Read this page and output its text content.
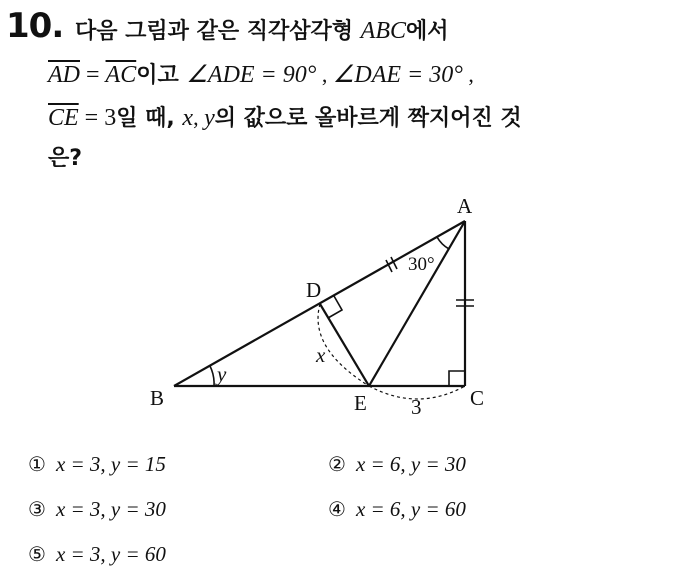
10. 다음 그림과 같은 직각삼각형 ABC에서
$\overline{AD} = \overline{AC}$이고 ∠ADE = 90° , ∠DAE = 30° ,
$\overline{CE} = 3$일 때, x, y의 값으로 올바르게 짝지어진 것
은?
A
B	C
D
E
30°
x
y
3
① x = 3, y = 15	② x = 6, y = 30
③ x = 3, y = 30	④ x = 6, y = 60
⑤ x = 3, y = 60
